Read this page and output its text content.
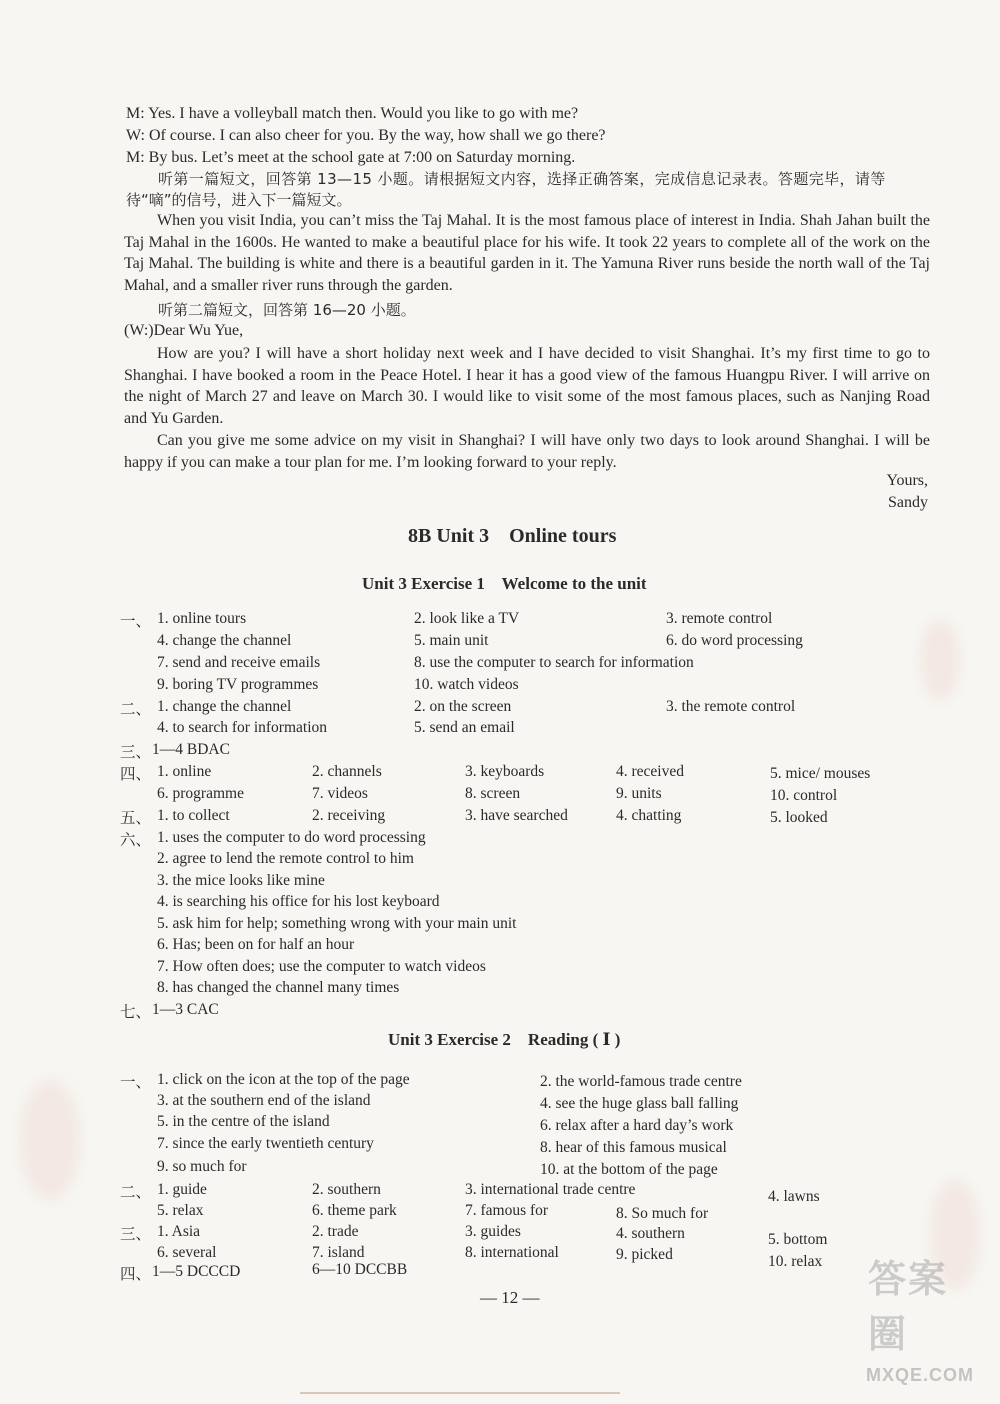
M: Yes. I have a volleyball match then. Would you like to go with me?
W: Of course. I can also cheer for you. By the way, how shall we go there?
M: By bus. Let’s meet at the school gate at 7:00 on Saturday morning.
听第一篇短文，回答第 13—15 小题。请根据短文内容，选择正确答案，完成信息记录表。答题完毕，请等
待“嘀”的信号，进入下一篇短文。
When you visit India, you can’t miss the Taj Mahal. It is the most famous place of interest in India. Shah Jahan built the Taj Mahal in the 1600s. He wanted to make a beautiful place for his wife. It took 22 years to complete all of the work on the Taj Mahal. The building is white and there is a beautiful garden in it. The Yamuna River runs beside the north wall of the Taj Mahal, and a smaller river runs through the garden.
听第二篇短文，回答第 16—20 小题。
(W:)Dear Wu Yue,
How are you? I will have a short holiday next week and I have decided to visit Shanghai. It’s my first time to go to Shanghai. I have booked a room in the Peace Hotel. I hear it has a good view of the famous Huangpu River. I will arrive on the night of March 27 and leave on March 30. I would like to visit some of the most famous places, such as Nanjing Road and Yu Garden.
Can you give me some advice on my visit in Shanghai? I will have only two days to look around Shanghai. I will be happy if you can make a tour plan for me. I’m looking forward to your reply.
Yours,
Sandy
8B Unit 3    Online tours
Unit 3 Exercise 1    Welcome to the unit
一、 1. online tours	2. look like a TV	3. remote control
4. change the channel	5. main unit	6. do word processing
7. send and receive emails	8. use the computer to search for information
9. boring TV programmes	10. watch videos
二、 1. change the channel	2. on the screen	3. the remote control
4. to search for information	5. send an email
三、 1—4 BDAC
四、 1. online	2. channels	3. keyboards	4. received	5. mice/ mouses
6. programme	7. videos	8. screen	9. units	10. control
五、 1. to collect	2. receiving	3. have searched	4. chatting	5. looked
六、 1. uses the computer to do word processing
2. agree to lend the remote control to him
3. the mice looks like mine
4. is searching his office for his lost keyboard
5. ask him for help; something wrong with your main unit
6. Has; been on for half an hour
7. How often does; use the computer to watch videos
8. has changed the channel many times
七、 1—3 CAC
Unit 3 Exercise 2    Reading ( Ⅰ )
一、 1. click on the icon at the top of the page	2. the world-famous trade centre
3. at the southern end of the island	4. see the huge glass ball falling
5. in the centre of the island	6. relax after a hard day’s work
7. since the early twentieth century	8. hear of this famous musical
9. so much for	10. at the bottom of the page
二、 1. guide	2. southern	3. international trade centre	4. lawns
5. relax	6. theme park	7. famous for	8. So much for
三、 1. Asia	2. trade	3. guides	4. southern	5. bottom
6. several	7. island	8. international	9. picked	10. relax
四、 1—5 DCCCD	6—10 DCCBB
— 12 —	答案圈
MXQE.COM
